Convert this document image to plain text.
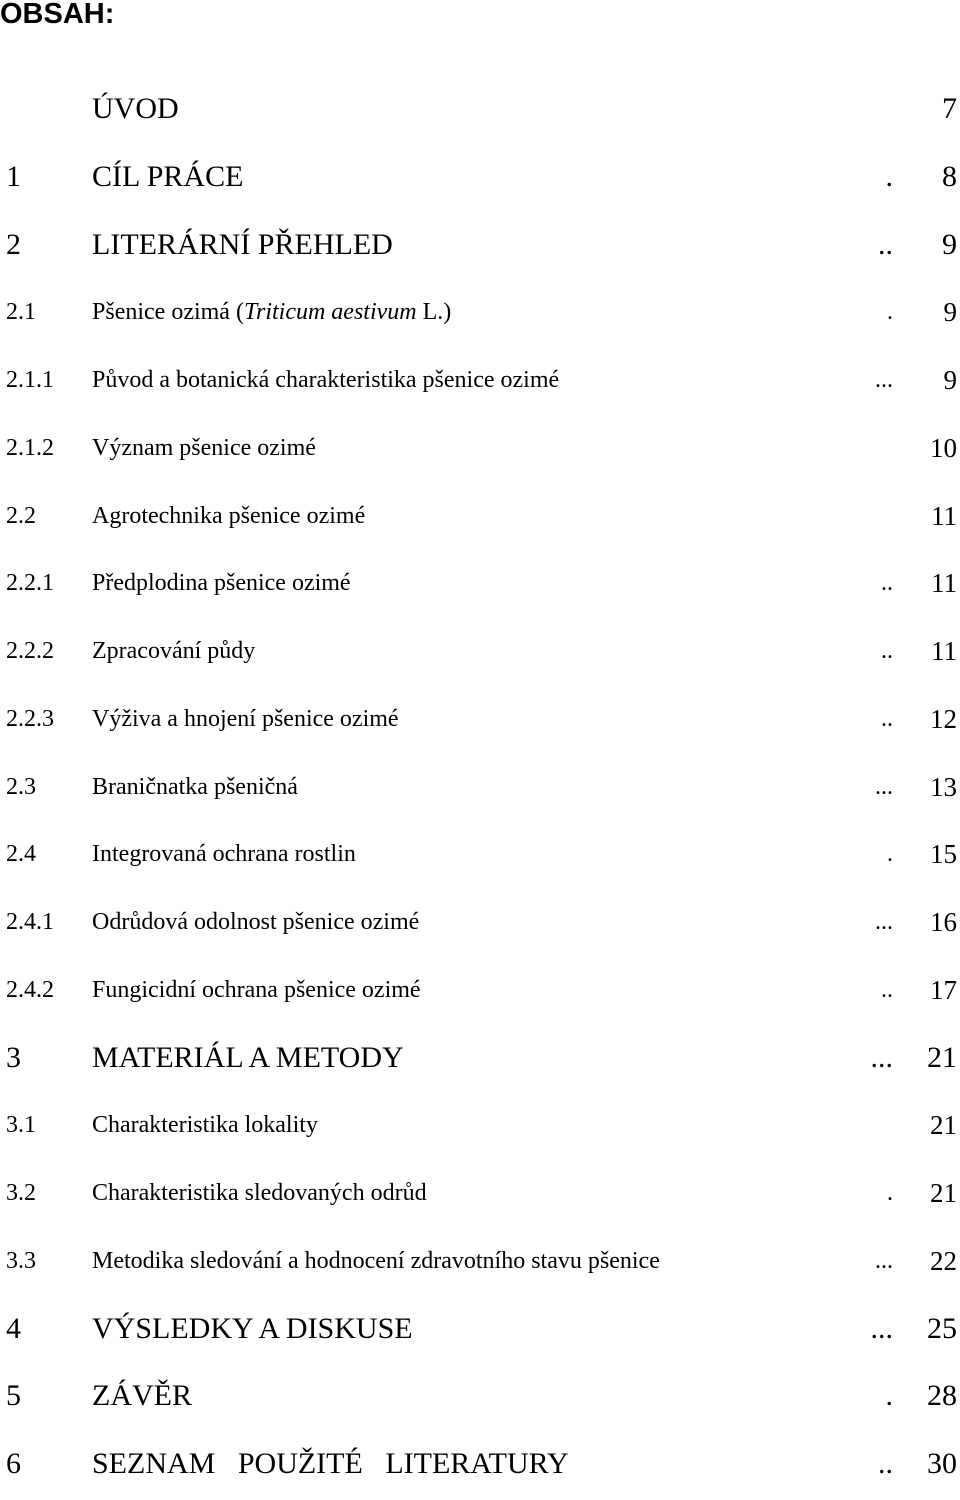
OBSAH:
ÚVOD	7
1 CÍL PRÁCE	. 8
2 LITERÁRNÍ PŘEHLED	.. 9
2.1 Pšenice ozimá (Triticum aestivum L.)	. 9
2.1.1 Původ a botanická charakteristika pšenice ozimé	... 9
2.1.2 Význam pšenice ozimé	10
2.2 Agrotechnika pšenice ozimé	11
2.2.1 Předplodina pšenice ozimé	.. 11
2.2.2 Zpracování půdy	.. 11
2.2.3 Výživa a hnojení pšenice ozimé	.. 12
2.3 Braničnatka pšeničná	... 13
2.4 Integrovaná ochrana rostlin	. 15
2.4.1 Odrůdová odolnost pšenice ozimé	... 16
2.4.2 Fungicidní ochrana pšenice ozimé	.. 17
3 MATERIÁL A METODY	... 21
3.1 Charakteristika lokality	21
3.2 Charakteristika sledovaných odrůd	. 21
3.3 Metodika sledování a hodnocení zdravotního stavu pšenice	... 22
4 VÝSLEDKY A DISKUSE	... 25
5 ZÁVĚR	. 28
6 SEZNAM   POUŽITÉ   LITERATURY	.. 30
